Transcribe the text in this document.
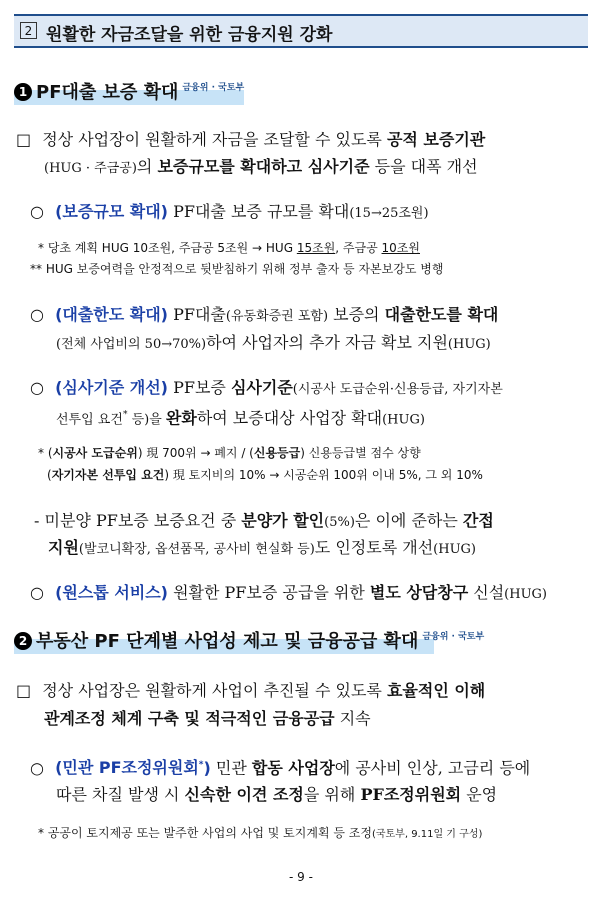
2 원활한 자금조달을 위한 금융지원 강화
1 PF대출 보증 확대 $^{금융위 \cdot 국토부}$
□ 정상 사업장이 원활하게 자금을 조달할 수 있도록 공적 보증기관
(HUG · 주금공)의 보증규모를 확대하고 심사기준 등을 대폭 개선
○ (보증규모 확대) PF대출 보증 규모를 확대(15→25조원)
* 당초 계획 HUG 10조원, 주금공 5조원 → HUG 15조원, 주금공 10조원
** HUG 보증여력을 안정적으로 뒷받침하기 위해 정부 출자 등 자본보강도 병행
○ (대출한도 확대) PF대출(유동화증권 포함) 보증의 대출한도를 확대
(전체 사업비의 50→70%)하여 사업자의 추가 자금 확보 지원(HUG)
○ (심사기준 개선) PF보증 심사기준(시공사 도급순위·신용등급, 자기자본
선투입 요건* 등)을 완화하여 보증대상 사업장 확대(HUG)
* (시공사 도급순위) 現 700위 → 폐지 / (신용등급) 신용등급별 점수 상향
(자기자본 선투입 요건) 現 토지비의 10% → 시공순위 100위 이내 5%, 그 외 10%
- 미분양 PF보증 보증요건 중 분양가 할인(5%)은 이에 준하는 간접
지원(발코니확장, 옵션품목, 공사비 현실화 등)도 인정토록 개선(HUG)
○ (원스톱 서비스) 원활한 PF보증 공급을 위한 별도 상담창구 신설(HUG)
2 부동산 PF 단계별 사업성 제고 및 금융공급 확대 $^{금융위 \cdot 국토부}$
□ 정상 사업장은 원활하게 사업이 추진될 수 있도록 효율적인 이해
관계조정 체계 구축 및 적극적인 금융공급 지속
○ (민관 PF조정위원회*) 민관 합동 사업장에 공사비 인상, 고금리 등에
따른 차질 발생 시 신속한 이견 조정을 위해 PF조정위원회 운영
* 공공이 토지제공 또는 발주한 사업의 사업 및 토지계획 등 조정(국토부, 9.11일 기 구성)
- 9 -
